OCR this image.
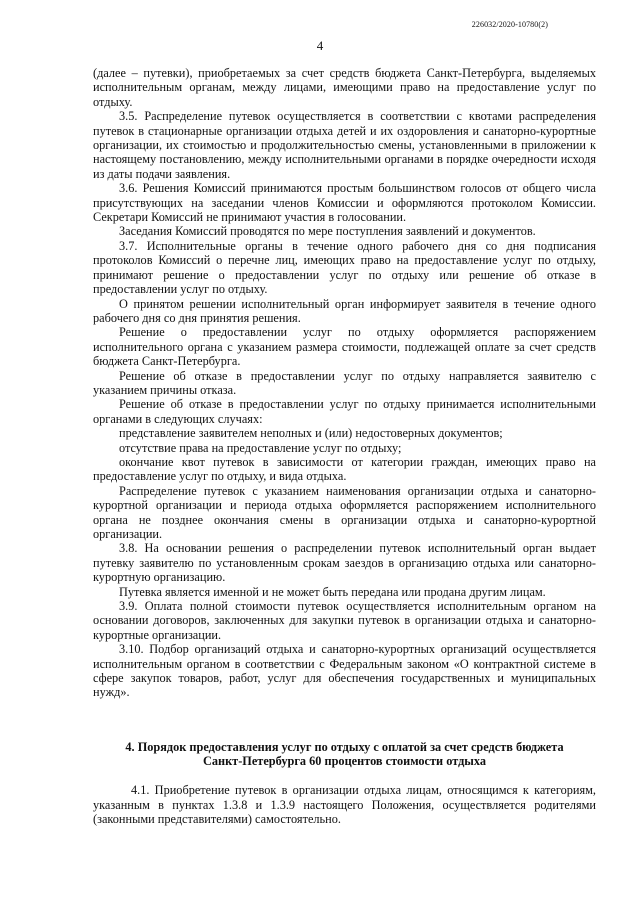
226032/2020-10780(2)
4

(далее – путевки), приобретаемых за счет средств бюджета Санкт-Петербурга, выделяемых исполнительным органам, между лицами, имеющими право на предоставление услуг по отдыху.

3.5. Распределение путевок осуществляется в соответствии с квотами распределения путевок в стационарные организации отдыха детей и их оздоровления и санаторно-курортные организации, их стоимостью и продолжительностью смены, установленными в приложении к настоящему постановлению, между исполнительными органами в порядке очередности исходя из даты подачи заявления.

3.6. Решения Комиссий принимаются простым большинством голосов от общего числа присутствующих на заседании членов Комиссии и оформляются протоколом Комиссии. Секретари Комиссий не принимают участия в голосовании.

Заседания Комиссий проводятся по мере поступления заявлений и документов.

3.7. Исполнительные органы в течение одного рабочего дня со дня подписания протоколов Комиссий о перечне лиц, имеющих право на предоставление услуг по отдыху, принимают решение о предоставлении услуг по отдыху или решение об отказе в предоставлении услуг по отдыху.

О принятом решении исполнительный орган информирует заявителя в течение одного рабочего дня со дня принятия решения.

Решение о предоставлении услуг по отдыху оформляется распоряжением исполнительного органа с указанием размера стоимости, подлежащей оплате за счет средств бюджета Санкт-Петербурга.

Решение об отказе в предоставлении услуг по отдыху направляется заявителю с указанием причины отказа.

Решение об отказе в предоставлении услуг по отдыху принимается исполнительными органами в следующих случаях:

представление заявителем неполных и (или) недостоверных документов;

отсутствие права на предоставление услуг по отдыху;

окончание квот путевок в зависимости от категории граждан, имеющих право на предоставление услуг по отдыху, и вида отдыха.

Распределение путевок с указанием наименования организации отдыха и санаторно-курортной организации и периода отдыха оформляется распоряжением исполнительного органа не позднее окончания смены в организации отдыха и санаторно-курортной организации.

3.8. На основании решения о распределении путевок исполнительный орган выдает путевку заявителю по установленным срокам заездов в организацию отдыха или санаторно-курортную организацию.

Путевка является именной и не может быть передана или продана другим лицам.

3.9. Оплата полной стоимости путевок осуществляется исполнительным органом на основании договоров, заключенных для закупки путевок в организации отдыха и санаторно-курортные организации.

3.10. Подбор организаций отдыха и санаторно-курортных организаций осуществляется исполнительным органом в соответствии с Федеральным законом «О контрактной системе в сфере закупок товаров, работ, услуг для обеспечения государственных и муниципальных нужд».

4. Порядок предоставления услуг по отдыху с оплатой за счет средств бюджета
Санкт-Петербурга 60 процентов стоимости отдыха

4.1. Приобретение путевок в организации отдыха лицам, относящимся к категориям, указанным в пунктах 1.3.8 и 1.3.9 настоящего Положения, осуществляется родителями (законными представителями) самостоятельно.
